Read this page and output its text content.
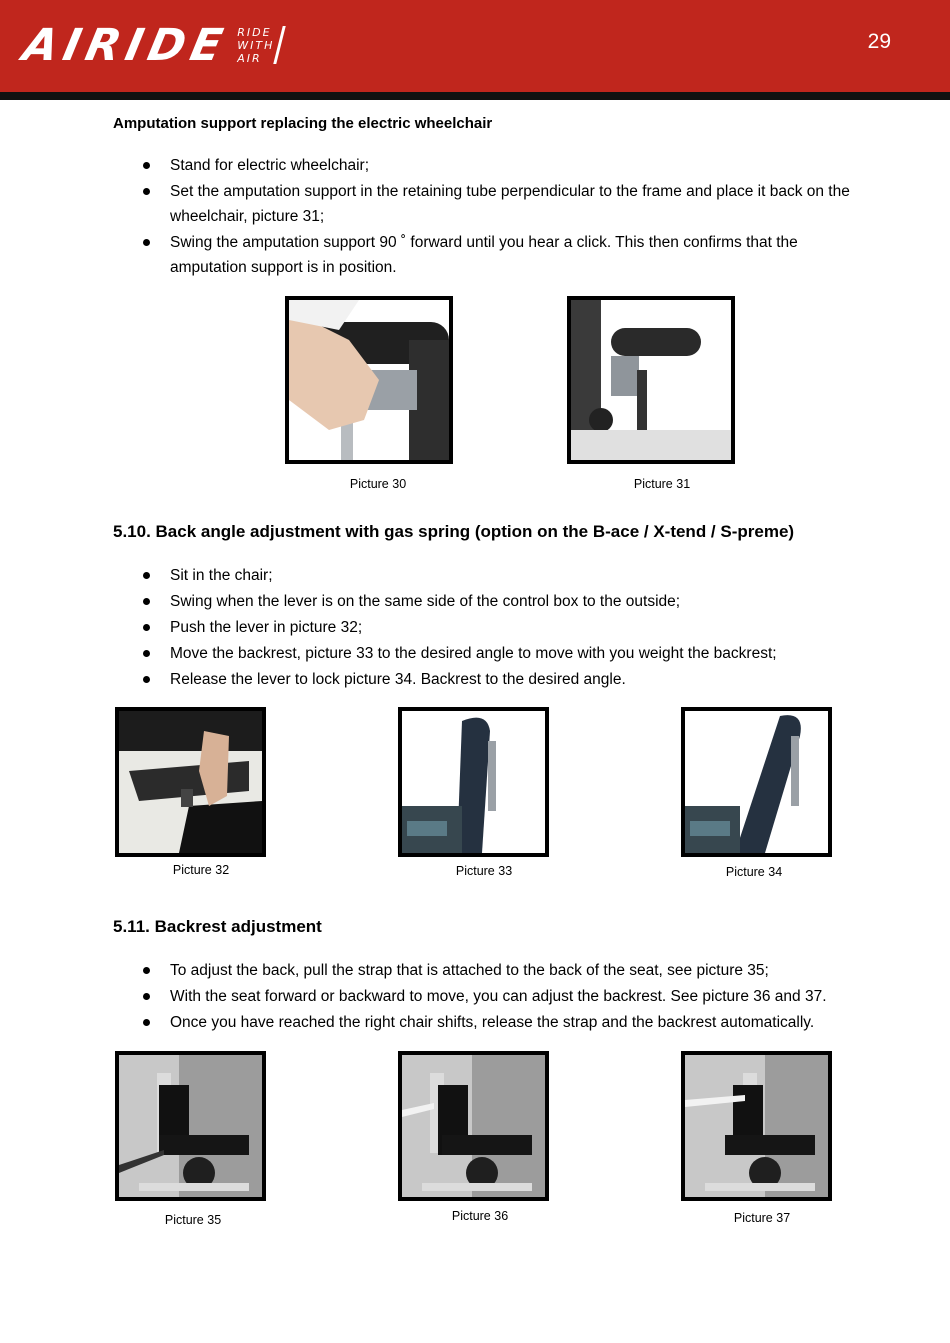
AIRIDE RIDE
WITH
AIR
29
Amputation support replacing the electric wheelchair
Stand for electric wheelchair;
Set the amputation support in the retaining tube perpendicular to the frame and place it back on the wheelchair, picture 31;
Swing the amputation support 90 ˚ forward until you hear a click. This then confirms that the amputation support is in position.
Picture 30	Picture 31
5.10. Back angle adjustment with gas spring (option on the B-ace / X-tend / S-preme)
Sit in the chair;
Swing when the lever is on the same side of the control box to the outside;
Push the lever in picture 32;
Move the backrest, picture 33 to the desired angle to move with you weight the backrest;
Release the lever to lock picture 34. Backrest to the desired angle.
Picture 32	Picture 33	Picture 34
5.11. Backrest adjustment
To adjust the back, pull the strap that is attached to the back of the seat, see picture 35;
With the seat forward or backward to move, you can adjust the backrest. See picture 36 and 37.
Once you have reached the right chair shifts, release the strap and the backrest automatically.
Picture 35	Picture 36	Picture 37
